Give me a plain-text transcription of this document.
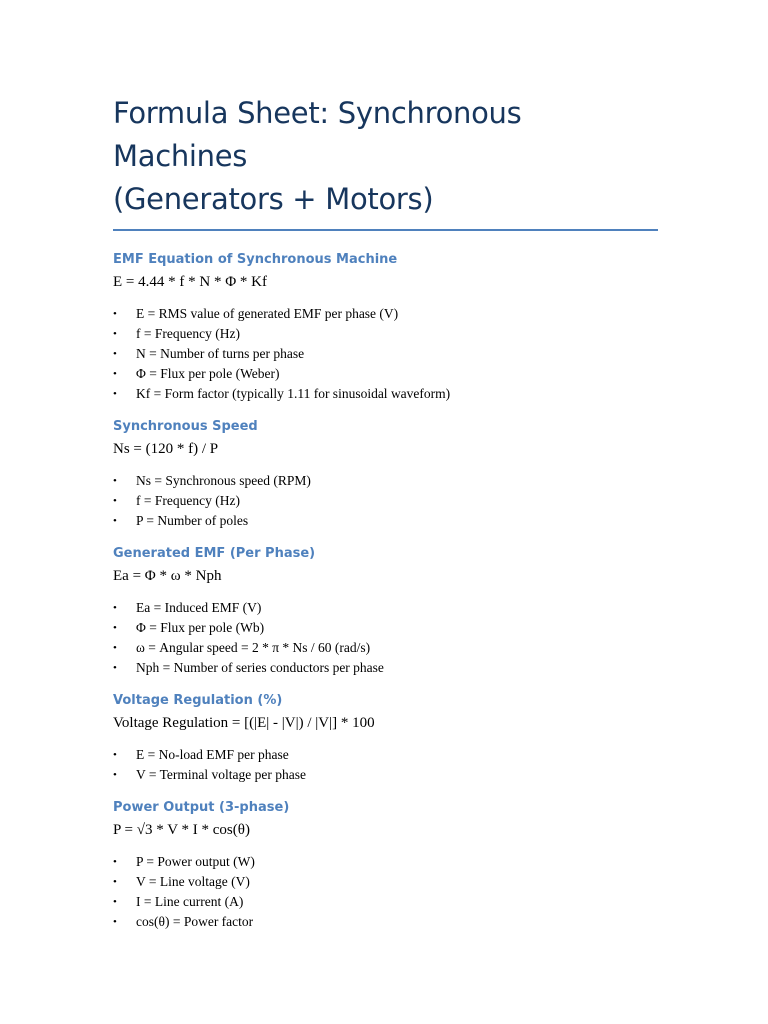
Formula Sheet: Synchronous Machines
(Generators + Motors)
EMF Equation of Synchronous Machine
E = 4.44 * f * N * Φ * Kf
• E = RMS value of generated EMF per phase (V)
• f = Frequency (Hz)
• N = Number of turns per phase
• Φ = Flux per pole (Weber)
• Kf = Form factor (typically 1.11 for sinusoidal waveform)
Synchronous Speed
Ns = (120 * f) / P
• Ns = Synchronous speed (RPM)
• f = Frequency (Hz)
• P = Number of poles
Generated EMF (Per Phase)
Ea = Φ * ω * Nph
• Ea = Induced EMF (V)
• Φ = Flux per pole (Wb)
• ω = Angular speed = 2 * π * Ns / 60 (rad/s)
• Nph = Number of series conductors per phase
Voltage Regulation (%)
Voltage Regulation = [(|E| - |V|) / |V|] * 100
• E = No-load EMF per phase
• V = Terminal voltage per phase
Power Output (3-phase)
P = √3 * V * I * cos(θ)
• P = Power output (W)
• V = Line voltage (V)
• I = Line current (A)
• cos(θ) = Power factor
